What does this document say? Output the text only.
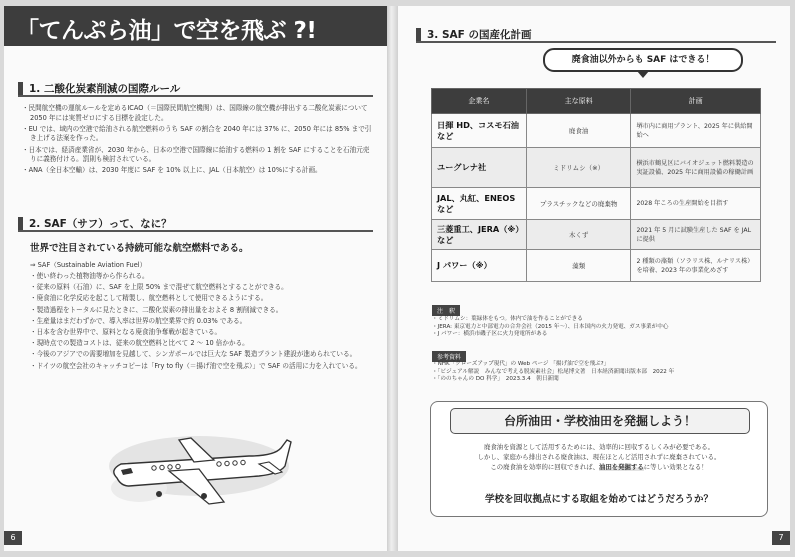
「てんぷら油」で空を飛ぶ ?!
1. 二酸化炭素削減の国際ルール
・ 民間航空機の運航ルールを定めるICAO（＝国際民間航空機関）は、国際線の航空機が排出する二酸化炭素について 2050 年には実質ゼロにする目標を設定した。
・ EU では、域内の空港で給油される航空燃料のうち SAF の割合を 2040 年には 37% に、2050 年には 85% まで引き上げる法案を作った。
・ 日本では、経済産業省が、2030 年から、日本の空港で国際線に給油する燃料の 1 割を SAF にすることを石油元売りに義務付ける。罰則も検討されている。
・ ANA（全日本空輸）は、2030 年度に SAF を 10% 以上に、JAL（日本航空）は 10%にする計画。
2. SAF（サフ）って、なに？
世界で注目されている持続可能な航空燃料である。
⇒ SAF（Sustainable Aviation Fuel）
・ 使い終わった植物油等から作られる。
・ 従来の原料（石油）に、SAF を上限 50% まで混ぜて航空燃料とすることができる。
・ 廃食油に化学反応を起こして精製し、航空燃料として使用できるようにする。
・ 製造過程をトータルに見たときに、二酸化炭素の排出量をおよそ 8 割削減できる。
・ 生産量はまだわずかで、導入率は世界の航空業界で約 0.03% である。
・ 日本を含む世界中で、原料となる廃食油争奪戦が起きている。
・ 現時点での製造コストは、従来の航空燃料と比べて 2 ～ 10 倍かかる。
・ 今後のアジアでの需要増加を見越して、シンガポールでは巨大な SAF 製造プラント建設が進められている。
・ ドイツの航空会社のキャッチコピーは「Fry to fly（＝揚げ油で空を飛ぶ）」で SAF の活用に力を入れている。
6
3. SAF の国産化計画
廃食油以外からも SAF はできる！
企業名	主な原料	計画
日揮 HD、コスモ石油 など	廃食油	堺市内に商用プラント、2025 年に供給開始へ
ユーグレナ社	ミドリムシ（※）	横浜市鶴見区にバイオジェット燃料製造の実証設備、2025 年に商用設備の稼働計画
JAL、丸紅、ENEOS など	プラスチックなどの廃棄物	2028 年ころの生産開始を目指す
三菱重工、JERA（※）など	木くず	2021 年 5 月に試験生産した SAF を JAL に提供
J パワー（※）	藻類	2 種類の藻類（ソラリス株、ルナリス株）を培養、2023 年の事業化めざす
注　釈
・ミドリムシ：葉緑体をもつ。体内で油を作ることができる
・JERA: 東京電力と中部電力の合弁会社（2015 年～）、日本国内の火力発電、ガス事業が中心
・J パワー：横浜市磯子区に火力発電所がある
参考資料
・NHK「クローズアップ現代」の Web ページ 「揚げ油で空を飛ぶ?」
・「ビジュアル解説　みんなで考える脱炭素社会」松尾博文著　日本経済新聞出版本部　2022 年
・「ののちゃんの DO 科学」　2023.3.4　朝日新聞
台所油田・学校油田を発掘しよう！
廃食油を資源として活用するためには、効率的に回収するしくみが必要である。
しかし、家庭から排出される廃食油は、現在ほとんど活用されずに廃棄されている。
この廃食油を効率的に回収できれば、油田を発掘するに等しい効果となる！
学校を回収拠点にする取組を始めてはどうだろうか？
7
